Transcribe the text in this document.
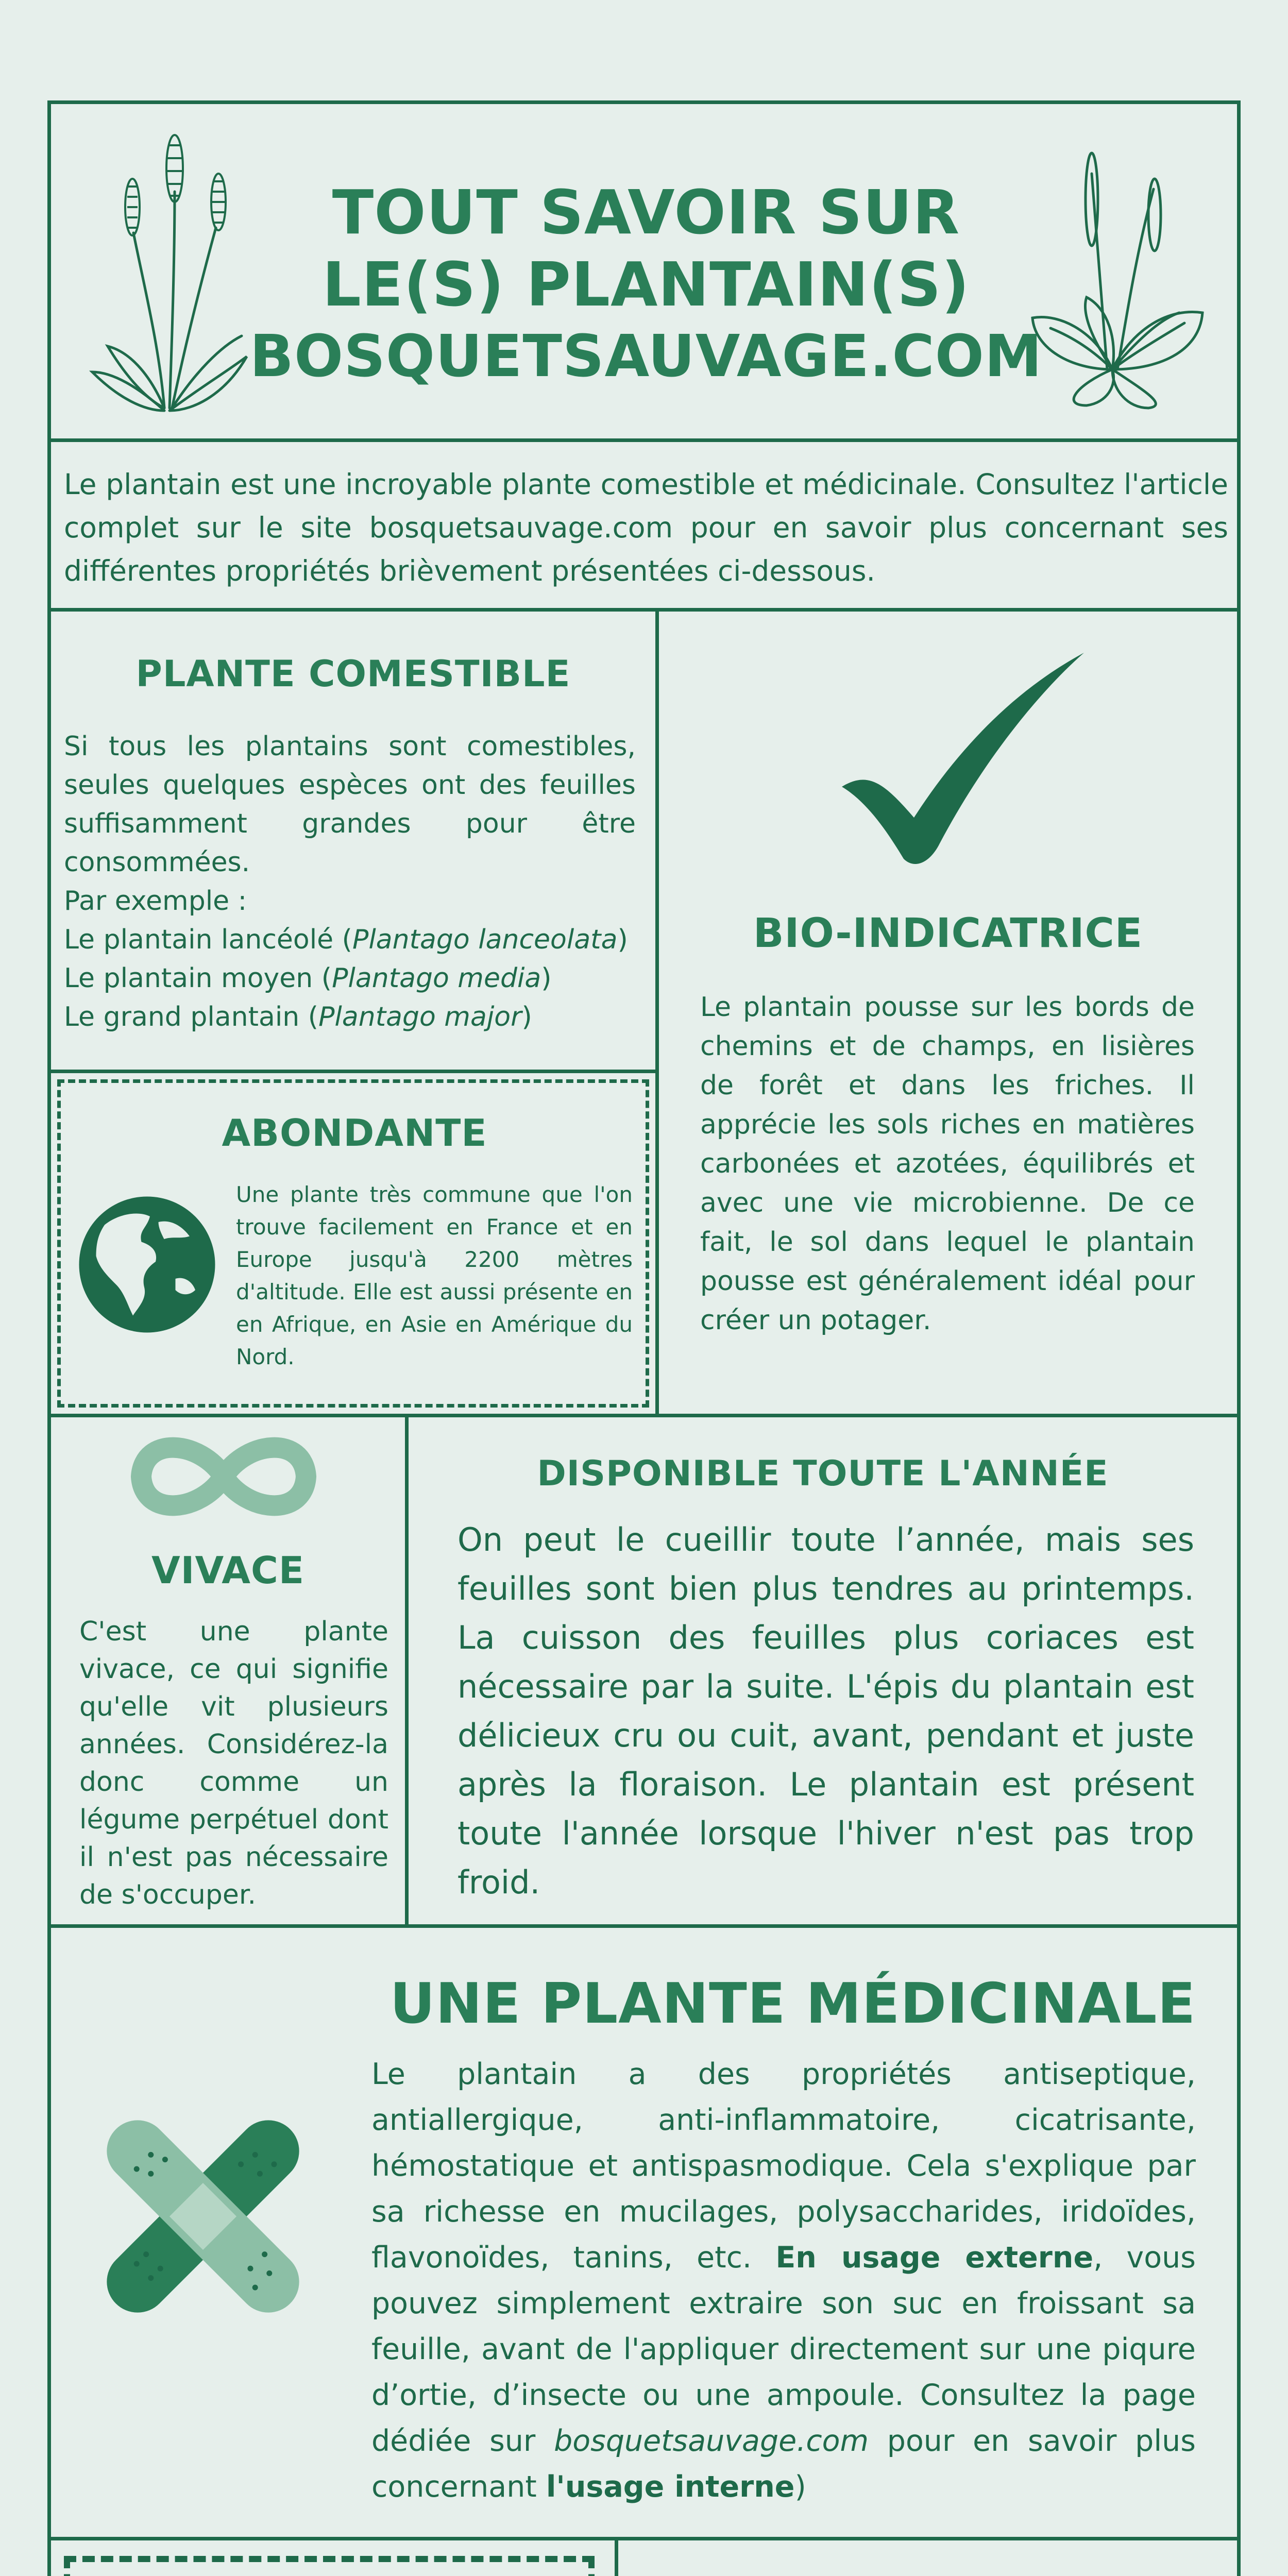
TOUT SAVOIR SUR
LE(S) PLANTAIN(S)
BOSQUETSAUVAGE.COM

Le plantain est une incroyable plante comestible et médicinale. Consultez l'article complet sur le site bosquetsauvage.com pour en savoir plus concernant ses différentes propriétés brièvement présentées ci-dessous.

PLANTE COMESTIBLE

Si tous les plantains sont comestibles, seules quelques espèces ont des feuilles suffisamment grandes pour être consommées.

Par exemple :

Le plantain lancéolé (Plantago lanceolata)

Le plantain moyen (Plantago media)

Le grand plantain (Plantago major)

ABONDANTE

Une plante très commune que l'on trouve facilement en France et en Europe jusqu'à 2200 mètres d'altitude. Elle est aussi présente en en Afrique, en Asie en Amérique du Nord.

BIO-INDICATRICE

Le plantain pousse sur les bords de chemins et de champs, en lisières de forêt et dans les friches. Il apprécie les sols riches en matières carbonées et azotées, équilibrés et avec une vie microbienne. De ce fait, le sol dans lequel le plantain pousse est généralement idéal pour créer un potager.

VIVACE

C'est une plante vivace, ce qui signifie qu'elle vit plusieurs années. Considérez-la donc comme un légume perpétuel dont il n'est pas nécessaire de s'occuper.

DISPONIBLE TOUTE L'ANNÉE

On peut le cueillir toute l’année, mais ses feuilles sont bien plus tendres au printemps. La cuisson des feuilles plus coriaces est nécessaire par la suite. L'épis du plantain est délicieux cru ou cuit, avant, pendant et juste après la floraison. Le plantain est présent toute l'année lorsque l'hiver n'est pas trop froid.

UNE PLANTE MÉDICINALE

Le plantain a des propriétés antiseptique, antiallergique, anti-inflammatoire, cicatrisante, hémostatique et antispasmodique. Cela s'explique par sa richesse en mucilages, polysaccharides, iridoïdes, flavonoïdes, tanins, etc. En usage externe, vous pouvez simplement extraire son suc en froissant sa feuille, avant de l'appliquer directement sur une piqure d’ortie, d’insecte ou une ampoule. Consultez la page dédiée sur bosquetsauvage.com pour en savoir plus concernant l'usage interne)
